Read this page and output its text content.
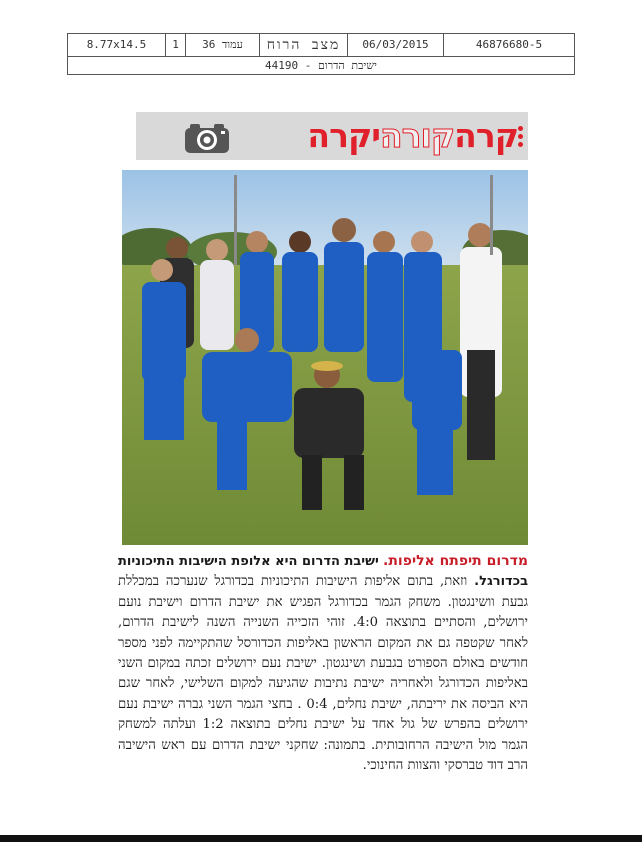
8.77x14.5	1	עמוד 36	מצב הרוח	06/03/2015	46876680-5
ישיבת הדרום - 44190
קרהקורהיקרה
מדרום תיפתח אליפות. ישיבת הדרום היא אלופת הישיבות התיכוניות בכדורגל. וזאת, בתום אליפות הישיבות התיכוניות בכדורגל שנערכה במכללת גבעת וושינגטון. משחק הגמר בכדורגל הפגיש את ישיבת הדרום וישיבת נועם ירושלים, והסתיים בתוצאה 4:0. זוהי הזכייה השנייה השנה לישיבת הדרום, לאחר שקטפה גם את המקום הראשון באליפות הכדורסל שהתקיימה לפני מספר חודשים באולם הספורט בגבעת ושינגטון. ישיבת נעם ירושלים זכתה במקום השני באליפות הכדורגל ולאחריה ישיבת נתיבות שהגיעה למקום השלישי, לאחר שגם היא הביסה את יריבתה, ישיבת נחלים, 0:4 . בחצי הגמר השני גברה ישיבת נעם ירושלים בהפרש של גול אחד על ישיבת נחלים בתוצאה 1:2 ועלתה למשחק הגמר מול הישיבה הרחובותית. בתמונה: שחקני ישיבת הדרום עם ראש הישיבה הרב דוד טברסקי והצוות החינוכי.
